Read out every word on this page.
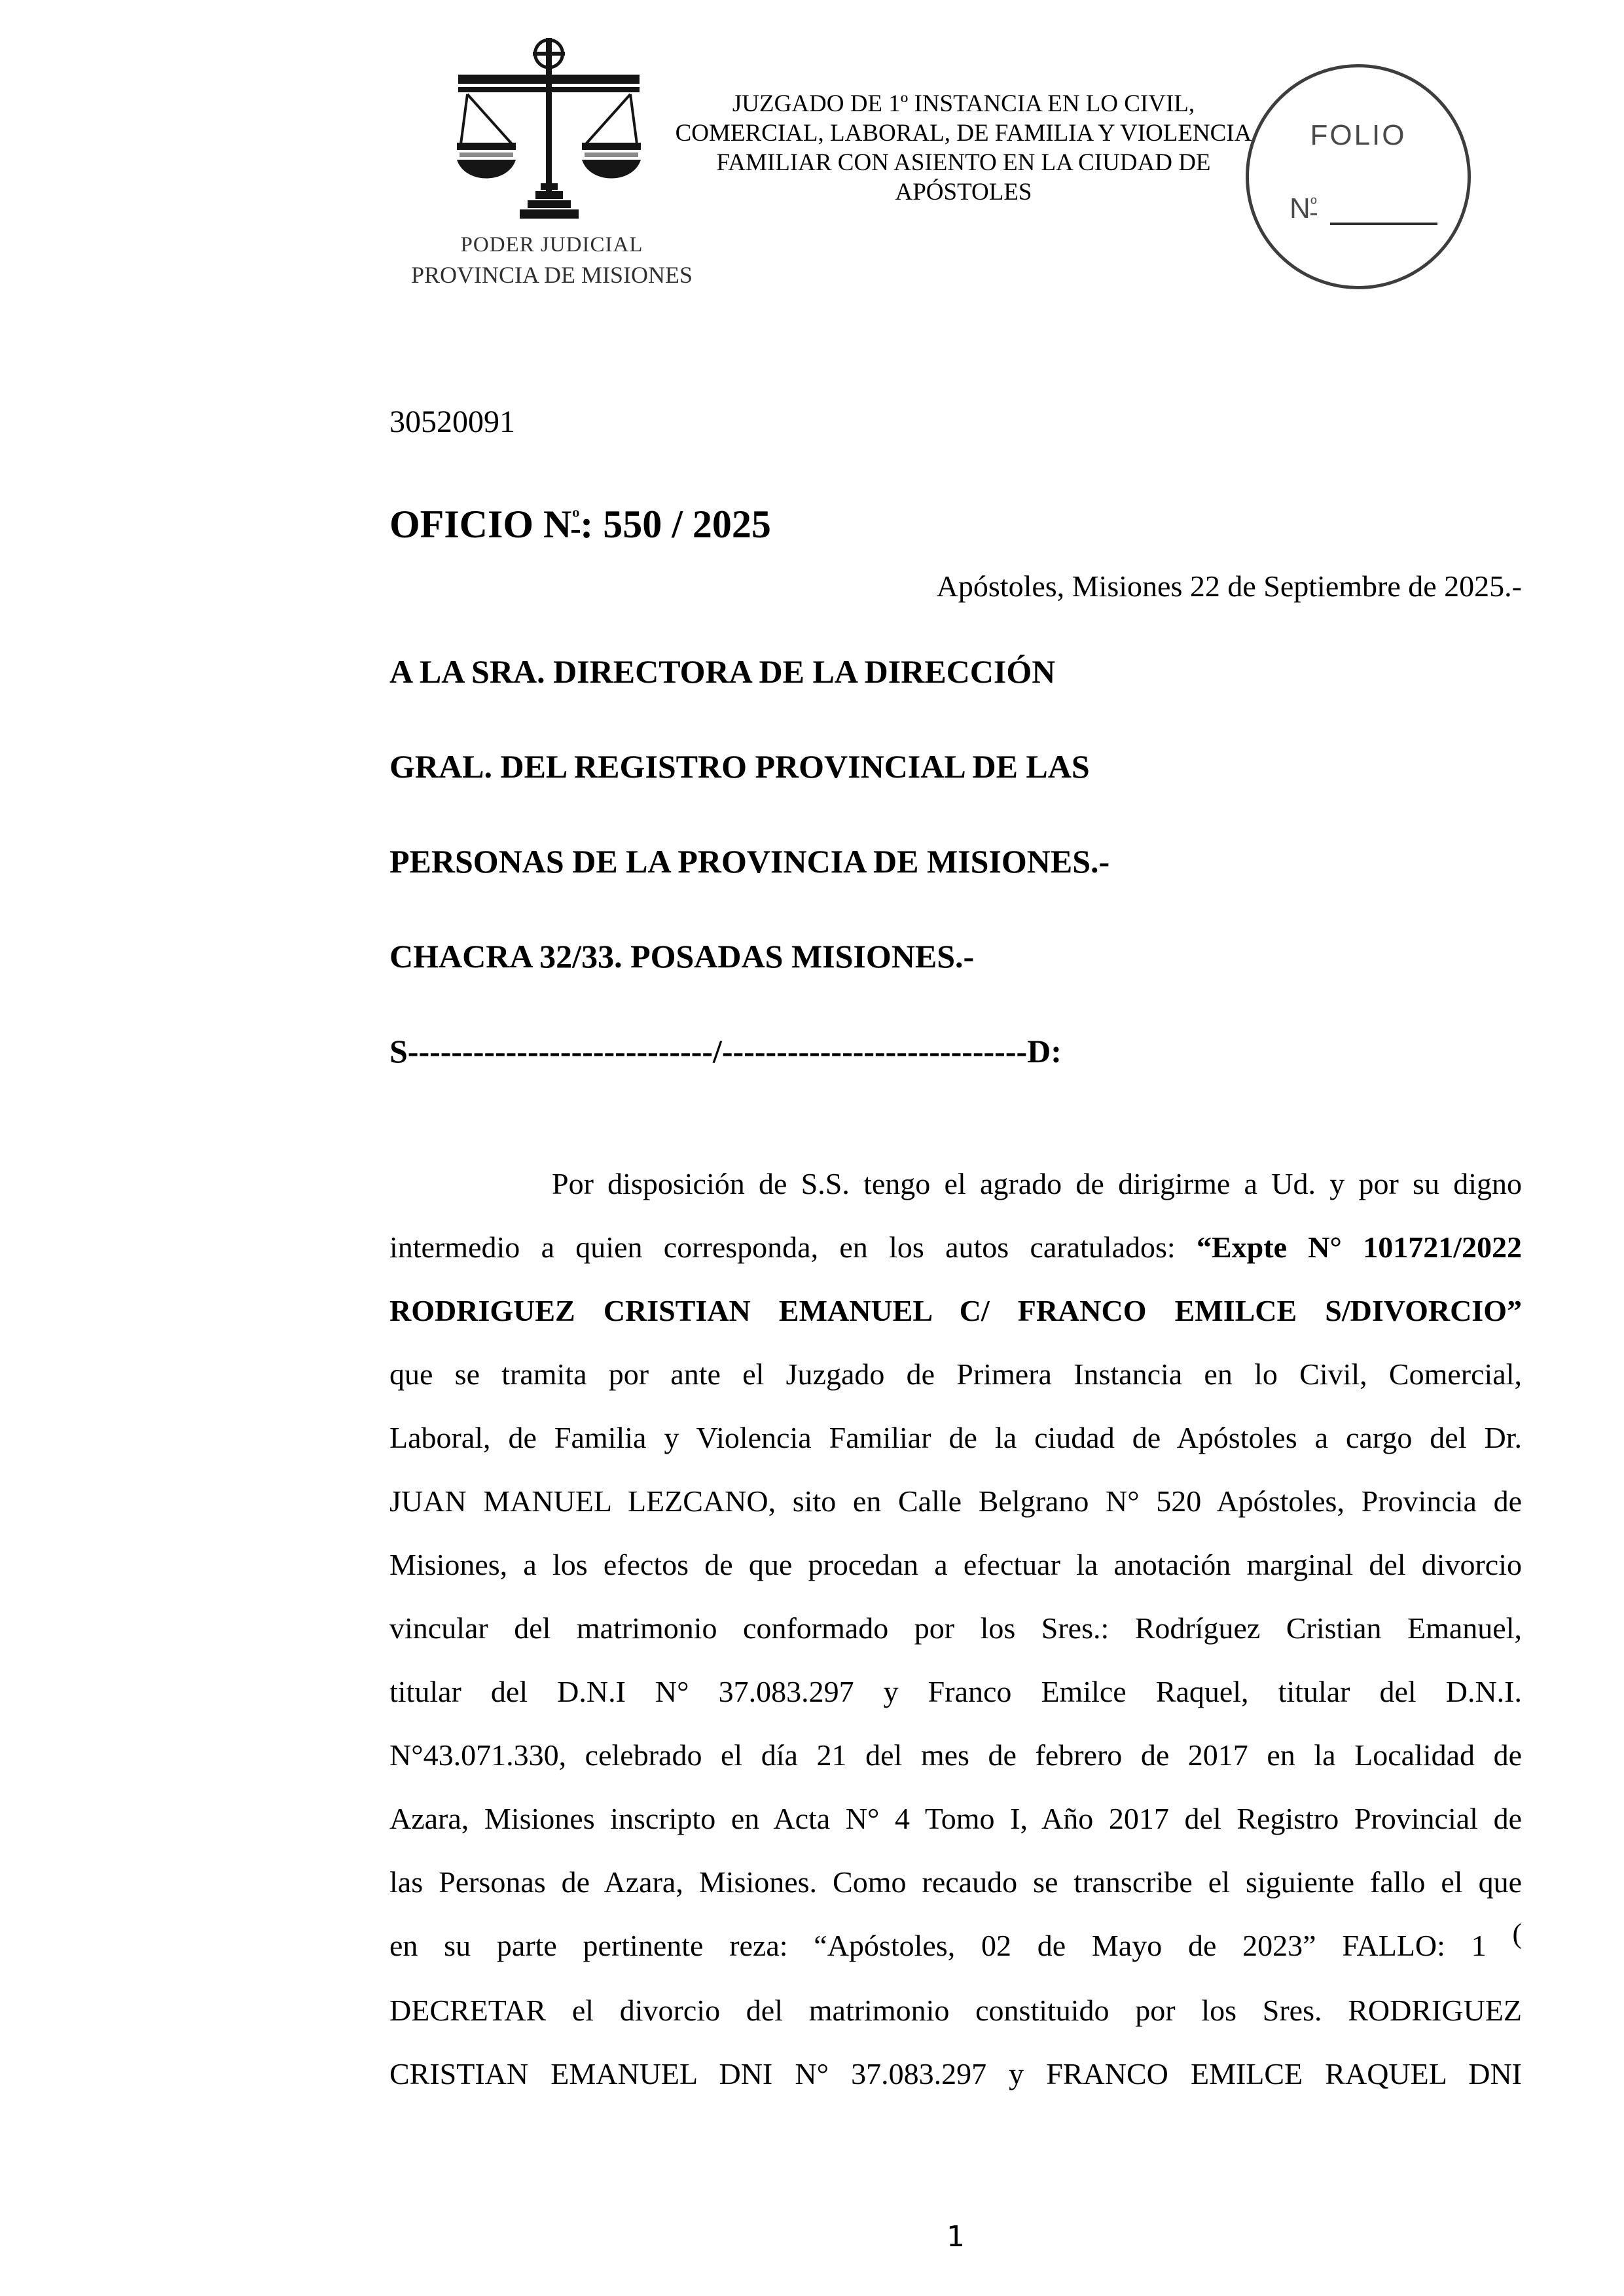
PODER JUDICIAL
PROVINCIA DE MISIONES
JUZGADO DE 1º INSTANCIA EN LO CIVIL,
COMERCIAL, LABORAL, DE FAMILIA Y VIOLENCIA
FAMILIAR CON ASIENTO EN LA CIUDAD DE
APÓSTOLES
FOLIO
Nº
30520091
OFICIO Nº: 550 / 2025
Apóstoles, Misiones 22 de Septiembre de 2025.-
A LA SRA. DIRECTORA DE LA DIRECCIÓN
GRAL. DEL REGISTRO PROVINCIAL DE LAS
PERSONAS DE LA PROVINCIA DE MISIONES.-
CHACRA 32/33. POSADAS MISIONES.-
S----------------------------/----------------------------D:
Por disposición de S.S. tengo el agrado de dirigirme a Ud. y por su digno
intermedio a quien corresponda, en los autos caratulados: “Expte N° 101721/2022
RODRIGUEZ CRISTIAN EMANUEL C/ FRANCO EMILCE S/DIVORCIO”
que se tramita por ante el Juzgado de Primera Instancia en lo Civil, Comercial,
Laboral, de Familia y Violencia Familiar de la ciudad de Apóstoles a cargo del Dr.
JUAN MANUEL LEZCANO, sito en Calle Belgrano N° 520 Apóstoles, Provincia de
Misiones, a los efectos de que procedan a efectuar la anotación marginal del divorcio
vincular del matrimonio conformado por los Sres.: Rodríguez Cristian Emanuel,
titular del D.N.I N° 37.083.297 y Franco Emilce Raquel, titular del D.N.I.
N°43.071.330, celebrado el día 21 del mes de febrero de 2017 en la Localidad de
Azara, Misiones inscripto en Acta N° 4 Tomo I, Año 2017 del Registro Provincial de
las Personas de Azara, Misiones. Como recaudo se transcribe el siguiente fallo el que
en su parte pertinente reza: “Apóstoles, 02 de Mayo de 2023” FALLO: 1 (
DECRETAR el divorcio del matrimonio constituido por los Sres. RODRIGUEZ
CRISTIAN EMANUEL DNI N° 37.083.297 y FRANCO EMILCE RAQUEL DNI
1
